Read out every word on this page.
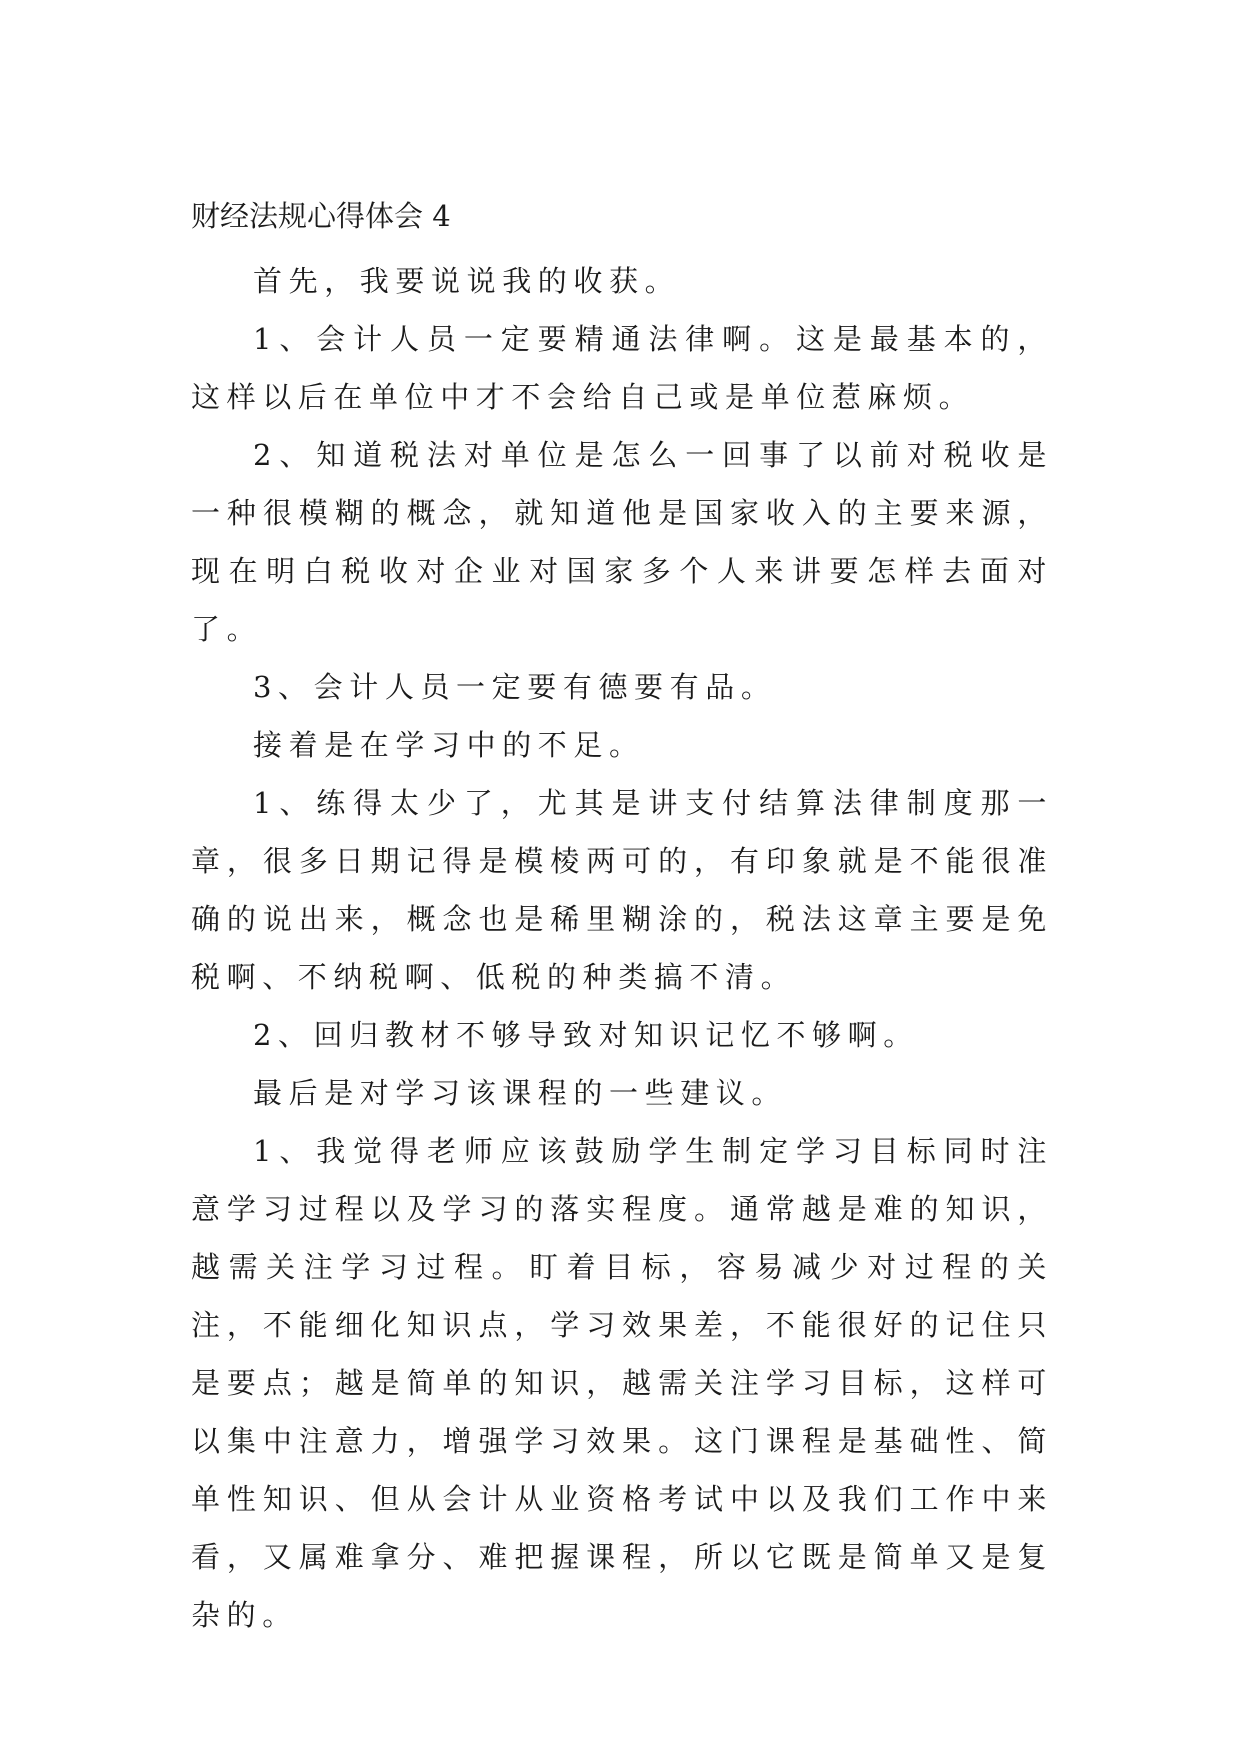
财经法规心得体会 4

首先，我要说说我的收获。

1、会计人员一定要精通法律啊。这是最基本的，这样以后在单位中才不会给自己或是单位惹麻烦。

2、知道税法对单位是怎么一回事了以前对税收是一种很模糊的概念，就知道他是国家收入的主要来源，现在明白税收对企业对国家多个人来讲要怎样去面对了。

3、会计人员一定要有德要有品。

接着是在学习中的不足。

1、练得太少了，尤其是讲支付结算法律制度那一章，很多日期记得是模棱两可的，有印象就是不能很准确的说出来，概念也是稀里糊涂的，税法这章主要是免税啊、不纳税啊、低税的种类搞不清。

2、回归教材不够导致对知识记忆不够啊。

最后是对学习该课程的一些建议。

1、我觉得老师应该鼓励学生制定学习目标同时注意学习过程以及学习的落实程度。通常越是难的知识，越需关注学习过程。盯着目标，容易减少对过程的关注，不能细化知识点，学习效果差，不能很好的记住只是要点；越是简单的知识，越需关注学习目标，这样可以集中注意力，增强学习效果。这门课程是基础性、简单性知识、但从会计从业资格考试中以及我们工作中来看，又属难拿分、难把握课程，所以它既是简单又是复杂的。
